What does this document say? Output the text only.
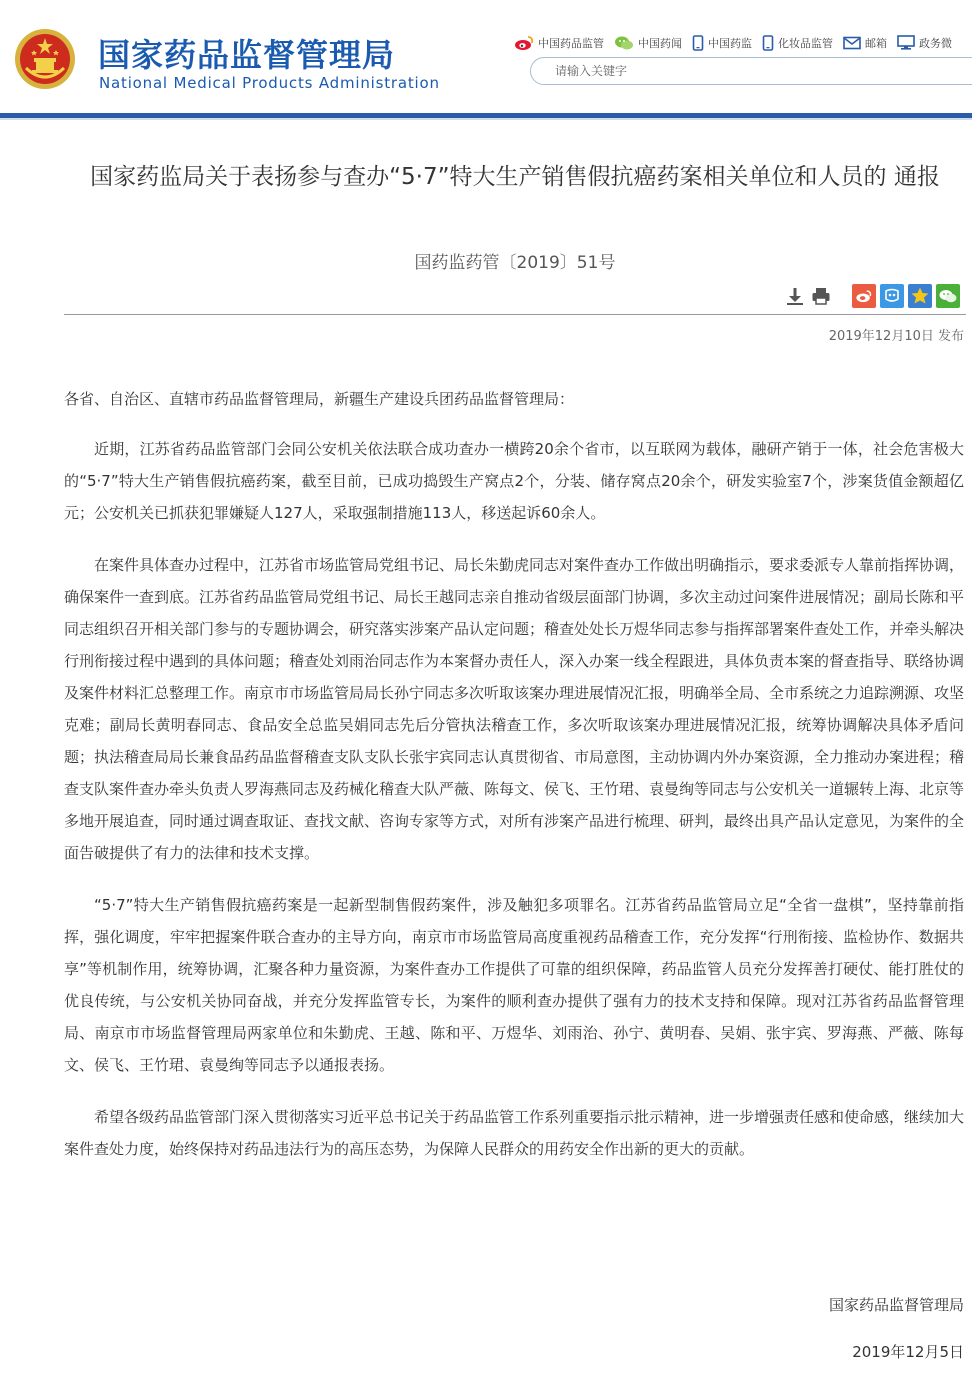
国家药品监督管理局
National Medical Products Administration
中国药品监管	中国药闻 中国药监 化妆品监管	邮箱	政务微
请输入关键字
国家药监局关于表扬参与查办“5·7”特大生产销售假抗癌药案相关单位和人员的 通报
国药监药管〔2019〕51号
2019年12月10日 发布

各省、自治区、直辖市药品监督管理局，新疆生产建设兵团药品监督管理局：

近期，江苏省药品监管部门会同公安机关依法联合成功查办一横跨20余个省市，以互联网为载体，融研产销于一体，社会危害极大的“5·7”特大生产销售假抗癌药案，截至目前，已成功捣毁生产窝点2个，分装、储存窝点20余个，研发实验室7个，涉案货值金额超亿元；公安机关已抓获犯罪嫌疑人127人，采取强制措施113人，移送起诉60余人。

在案件具体查办过程中，江苏省市场监管局党组书记、局长朱勤虎同志对案件查办工作做出明确指示，要求委派专人靠前指挥协调，确保案件一查到底。江苏省药品监管局党组书记、局长王越同志亲自推动省级层面部门协调，多次主动过问案件进展情况；副局长陈和平同志组织召开相关部门参与的专题协调会，研究落实涉案产品认定问题；稽查处处长万煜华同志参与指挥部署案件查处工作，并牵头解决行刑衔接过程中遇到的具体问题；稽查处刘雨治同志作为本案督办责任人，深入办案一线全程跟进，具体负责本案的督查指导、联络协调及案件材料汇总整理工作。南京市市场监管局局长孙宁同志多次听取该案办理进展情况汇报，明确举全局、全市系统之力追踪溯源、攻坚克难；副局长黄明春同志、食品安全总监吴娟同志先后分管执法稽查工作，多次听取该案办理进展情况汇报，统筹协调解决具体矛盾问题；执法稽查局局长兼食品药品监督稽查支队支队长张宇宾同志认真贯彻省、市局意图，主动协调内外办案资源，全力推动办案进程；稽查支队案件查办牵头负责人罗海燕同志及药械化稽查大队严薇、陈每文、侯飞、王竹珺、袁曼绚等同志与公安机关一道辗转上海、北京等多地开展追查，同时通过调查取证、查找文献、咨询专家等方式，对所有涉案产品进行梳理、研判，最终出具产品认定意见，为案件的全面告破提供了有力的法律和技术支撑。

“5·7”特大生产销售假抗癌药案是一起新型制售假药案件，涉及触犯多项罪名。江苏省药品监管局立足“全省一盘棋”，坚持靠前指挥，强化调度，牢牢把握案件联合查办的主导方向，南京市市场监管局高度重视药品稽查工作，充分发挥“行刑衔接、监检协作、数据共享”等机制作用，统筹协调，汇聚各种力量资源，为案件查办工作提供了可靠的组织保障，药品监管人员充分发挥善打硬仗、能打胜仗的优良传统，与公安机关协同奋战，并充分发挥监管专长，为案件的顺利查办提供了强有力的技术支持和保障。现对江苏省药品监督管理局、南京市市场监督管理局两家单位和朱勤虎、王越、陈和平、万煜华、刘雨治、孙宁、黄明春、吴娟、张宇宾、罗海燕、严薇、陈每文、侯飞、王竹珺、袁曼绚等同志予以通报表扬。

希望各级药品监管部门深入贯彻落实习近平总书记关于药品监管工作系列重要指示批示精神，进一步增强责任感和使命感，继续加大案件查处力度，始终保持对药品违法行为的高压态势，为保障人民群众的用药安全作出新的更大的贡献。

国家药品监督管理局
2019年12月5日
